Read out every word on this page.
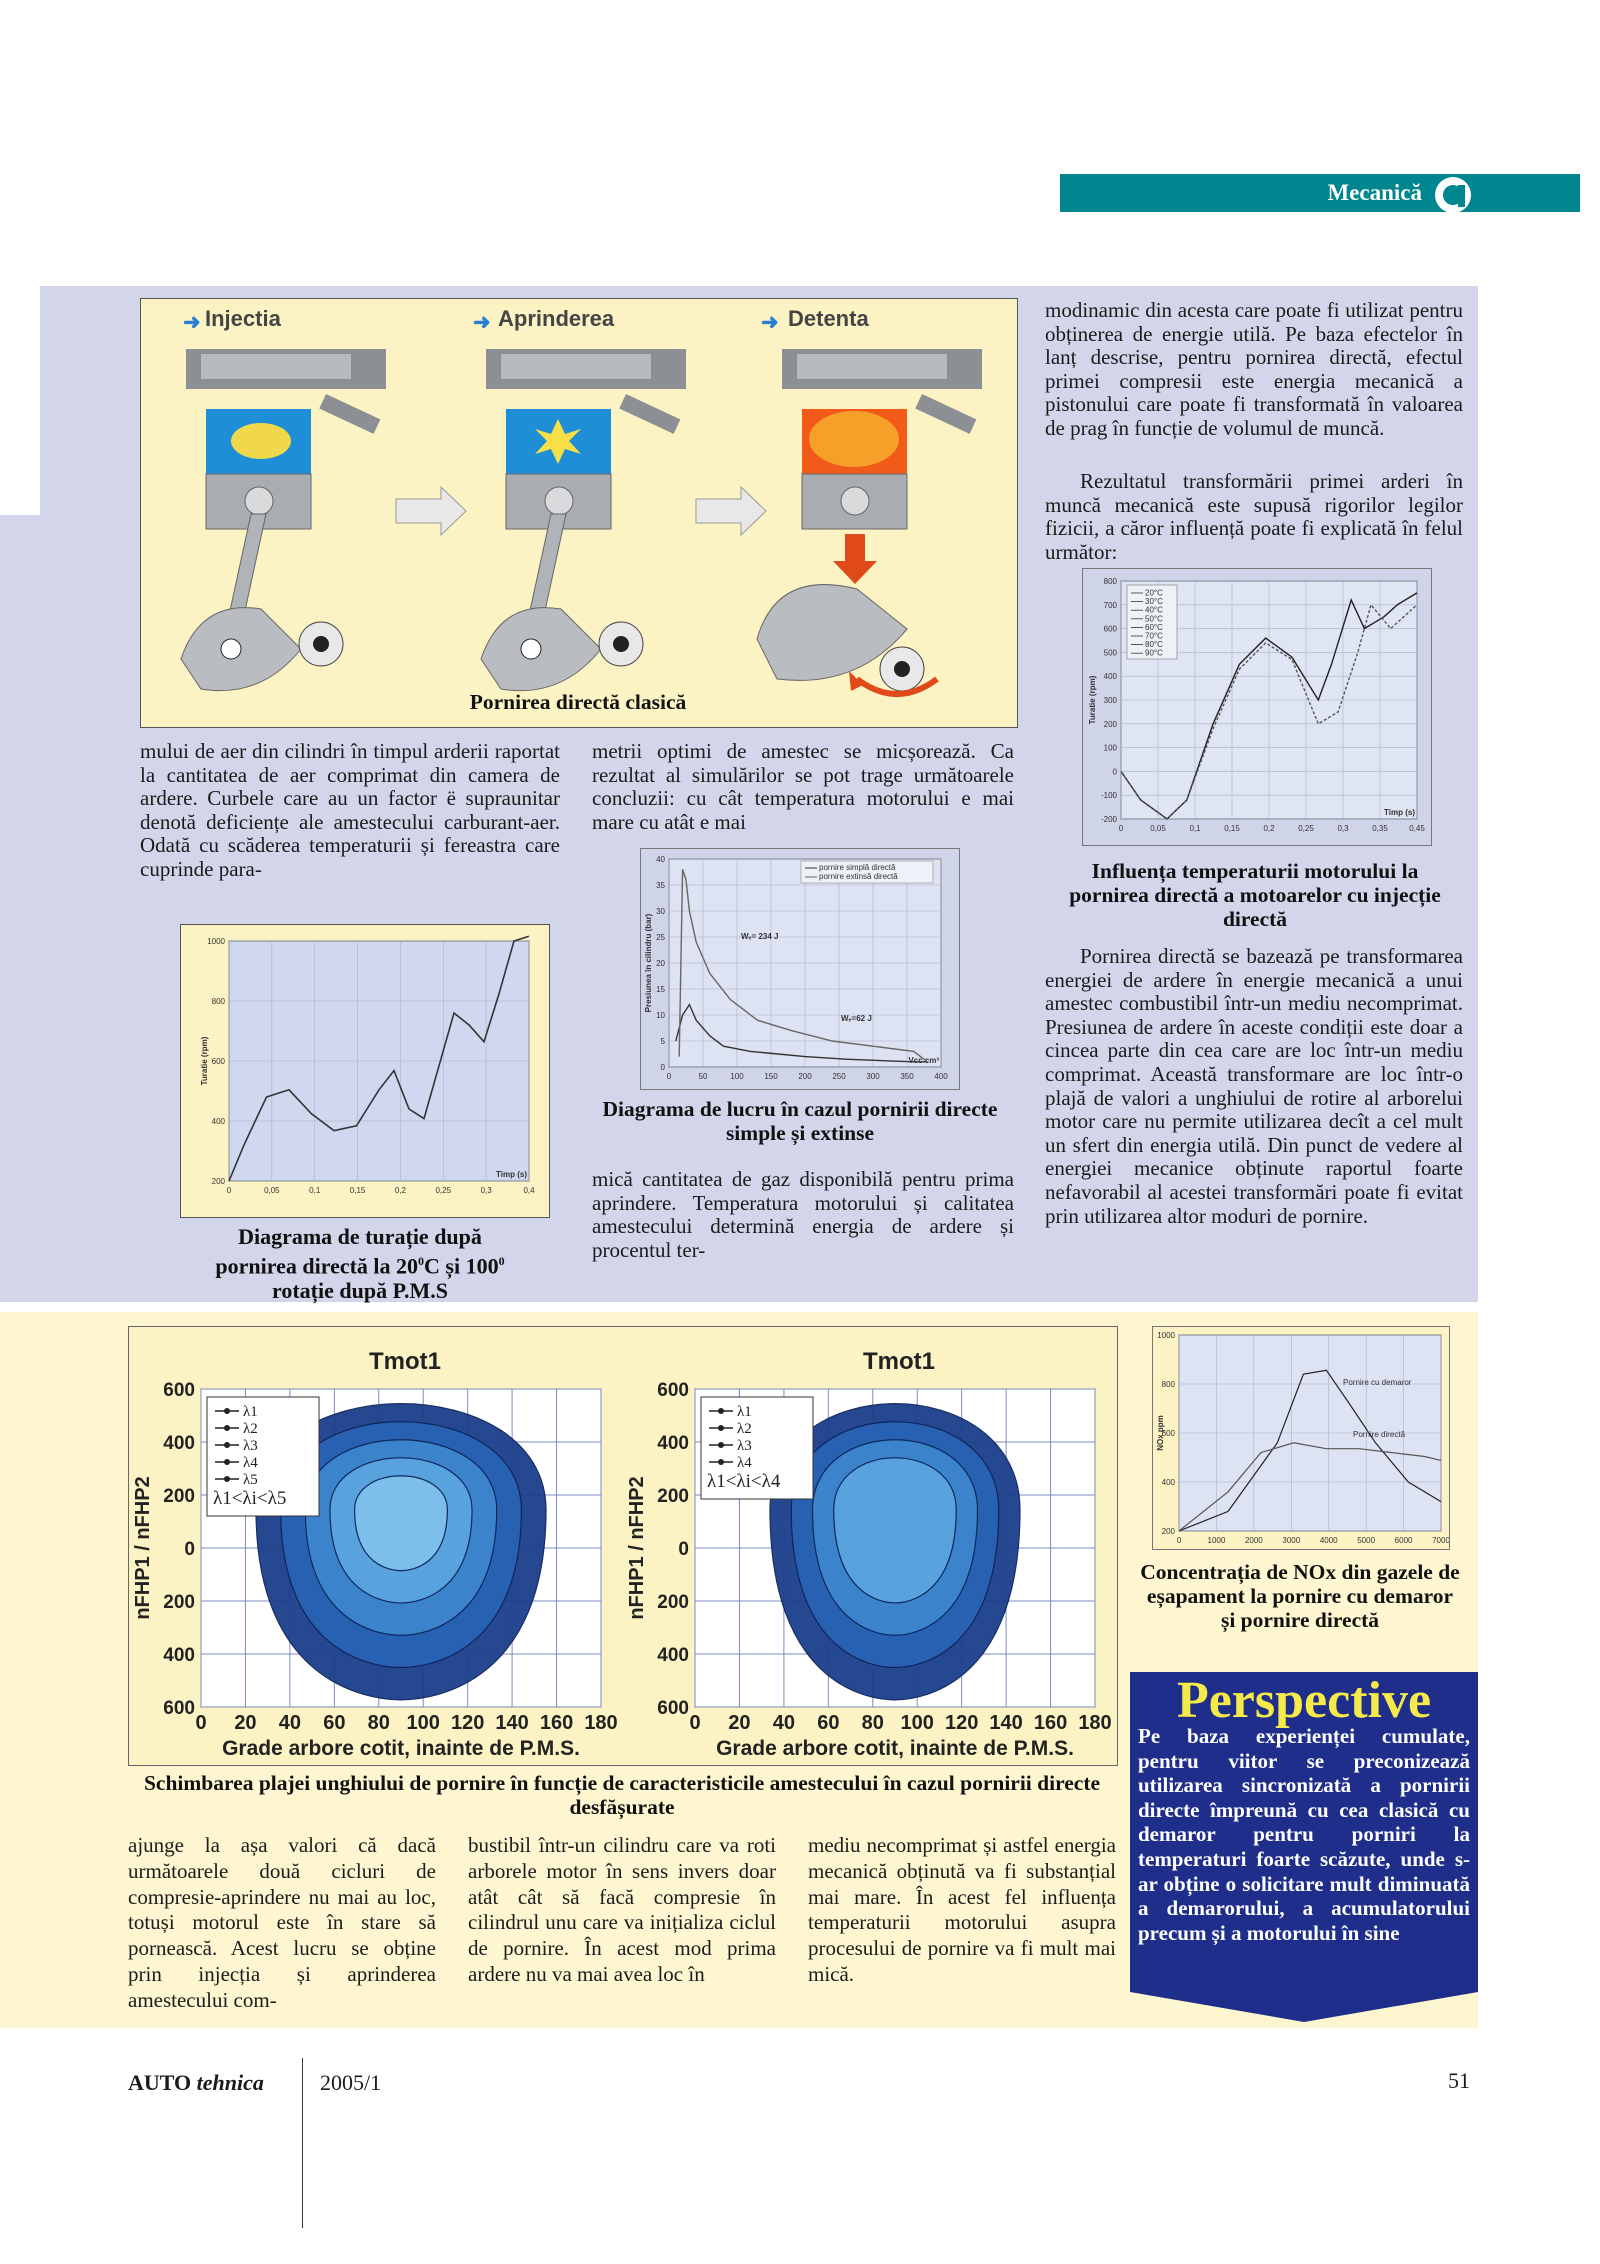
Mecanică
➜	➜	➜
Injectia	Aprinderea	Detenta
Pornirea directă clasică
modinamic din acesta care poate fi utilizat pentru obținerea de energie utilă. Pe baza efectelor în lanț descrise, pentru pornirea directă, efectul primei compresii este energia mecanică a pistonului care poate fi transformată în valoarea de prag în funcție de volumul de muncă.
Rezultatul transformării primei arderi în muncă mecanică este supusă rigorilor legilor fizicii, a căror influență poate fi explicată în felul următor:
0	0,05	0,1	0,15	0,2	0,25	0,3	0,35	0,45
800
700
600
500
400
300
200
100
0
-100
-200
Turatie (rpm)
Timp (s)
20°C
30°C
40°C
50°C
60°C
70°C
80°C
90°C
Influența temperaturii motorului la pornirea directă a motoarelor cu injecție directă
mului de aer din cilindri în timpul arderii raportat la cantitatea de aer comprimat din camera de ardere. Curbele care au un factor ë supraunitar denotă deficiențe ale amestecului carburant-aer. Odată cu scăderea temperaturii și fereastra care cuprinde para-
0	0,05	0,1	0,15	0,2	0,25	0,3	0,4
1000
800
600
400
200
Turatie (rpm)
Timp (s)
Diagrama de turație după
pornirea directă la $20^0C$ și $100^0$
rotație după P.M.S
metrii optimi de amestec se micșorează. Ca rezultat al simulărilor se pot trage următoarele concluzii: cu cât temperatura motorului e mai mare cu atât e mai
0	50	100	150	200	250	300	350	400
40
35
30
25
20
15
10
5
0
Presiunea în cilindru (bar)
Vcc cm³
Wₑ= 234 J
Wₑ=62 J
pornire simplă directă
pornire extinsă directă
Diagrama de lucru în cazul pornirii directe simple și extinse
mică cantitatea de gaz disponibilă pentru prima aprindere. Temperatura motorului și calitatea amestecului determină energia de ardere și procentul ter-
Pornirea directă se bazează pe transformarea energiei de ardere în energie mecanică a unui amestec combustibil într-un mediu necomprimat. Presiunea de ardere în aceste condiții este doar a cincea parte din cea care are loc într-un mediu comprimat. Această transformare are loc într-o plajă de valori a unghiului de rotire al arborelui motor care nu permite utilizarea decît a cel mult un sfert din energia utilă. Din punct de vedere al energiei mecanice obținute raportul foarte nefavorabil al acestei transformări poate fi evitat prin utilizarea altor moduri de pornire.
0 20 40 60 80 100 120 140 160 180
600
400
200
0
200
400
600
Tmot1
Grade arbore cotit, inainte de P.M.S.
nFHP1 / nFHP2
λ1
λ2
λ3
λ4
λ5
λ1<λi<λ5
0 20 40 60 80 100 120 140 160 180
600
400
200
0
200
400
600
Tmot1
Grade arbore cotit, inainte de P.M.S.
nFHP1 / nFHP2
λ1
λ2
λ3
λ4
λ1<λi<λ4
Schimbarea plajei unghiului de pornire în funcție de caracteristicile amestecului în cazul pornirii directe desfășurate
0	1000 2000 3000 4000 5000 6000 7000
1000
800
600
400
200
NOx ppm
Pornire cu demaror
Pornire directă
Concentrația de NOx din gazele de eșapament la pornire cu demaror și pornire directă
Perspective
Pe baza experienței cumulate, pentru viitor se preconizează utilizarea sincronizată a pornirii directe împreună cu cea clasică cu demaror pentru porniri la temperaturi foarte scăzute, unde s-ar obține o solicitare mult diminuată a demarorului, a acumulatorului precum și a motorului în sine
ajunge la așa valori că dacă următoarele două cicluri de compresie-aprindere nu mai au loc, totuși motorul este în stare să pornească. Acest lucru se obține prin injecția și aprinderea amestecului com-
bustibil într-un cilindru care va roti arborele motor în sens invers doar atât cât să facă compresie în cilindrul unu care va inițializa ciclul de pornire. În acest mod prima ardere nu va mai avea loc în
mediu necomprimat și astfel energia mecanică obținută va fi substanțial mai mare. În acest fel influența temperaturii motorului asupra procesului de pornire va fi mult mai mică.
AUTO tehnica	2005/1	51
